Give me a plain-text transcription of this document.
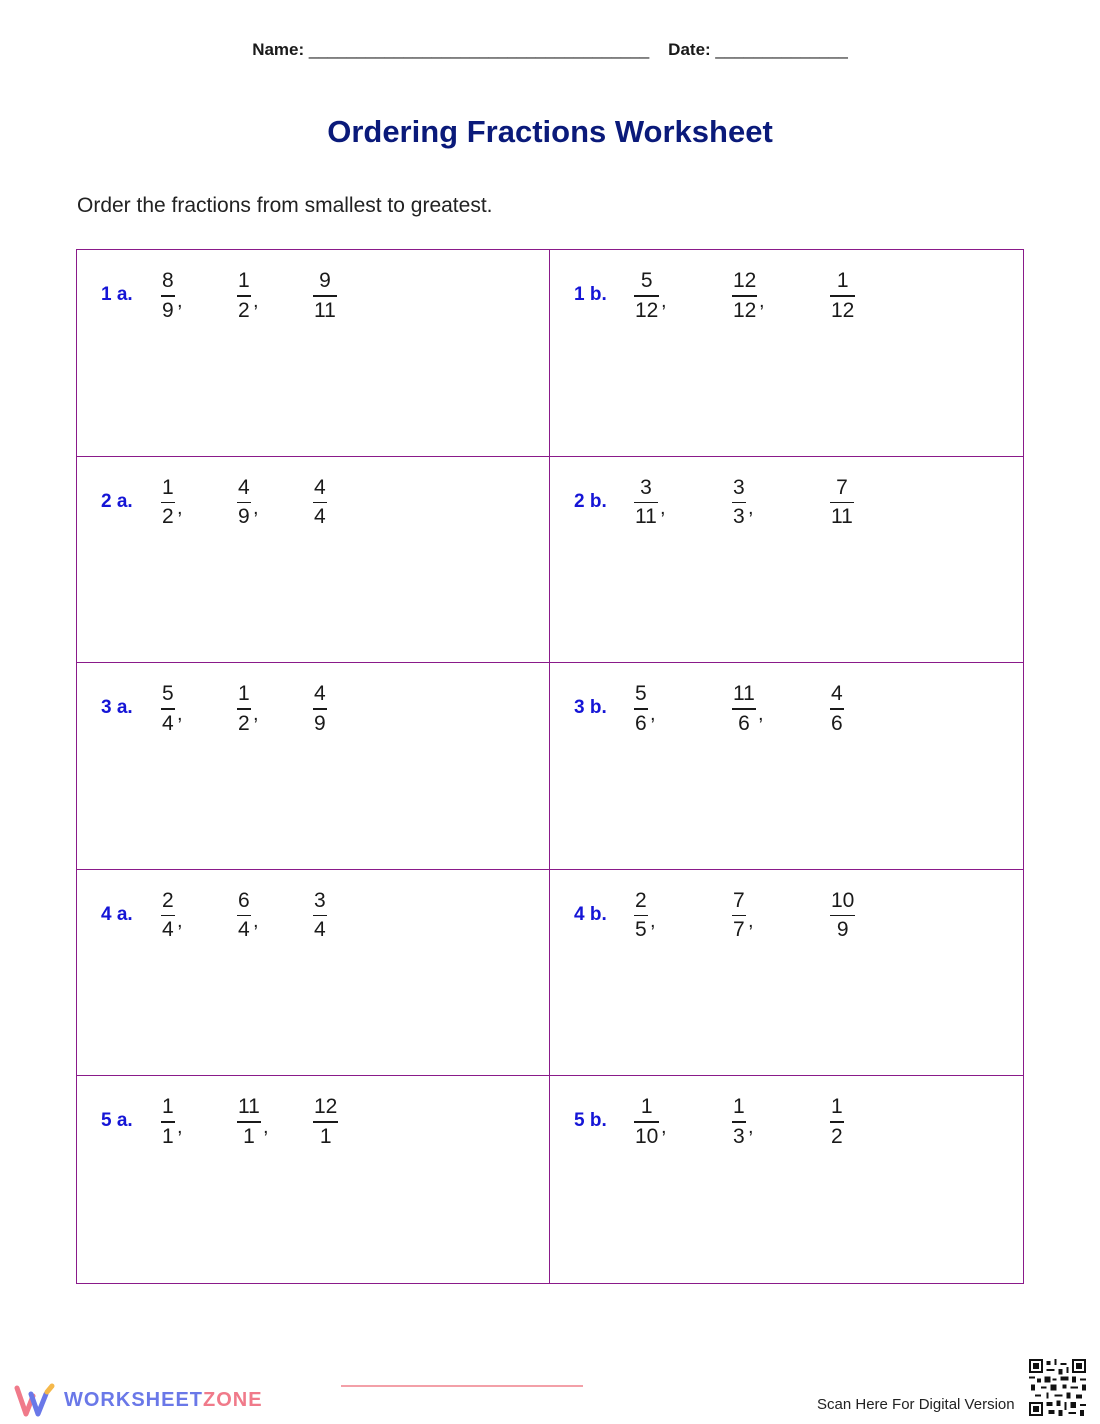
Name: ____________________________________ Date: ______________
Ordering Fractions Worksheet

Order the fractions from smallest to greatest.

1 a.
8
9 ,
1
2 ,
9
11
1 b.
5
12 ,
12
12 ,
1
12
2 a.
1
2 ,
4
9 ,
4
4
2 b.
3
11 ,
3
3 ,
7
11
3 a.
5
4 ,
1
2 ,
4
9
3 b.
5
6 ,
11
6 ,
4
6
4 a.
2
4 ,
6
4 ,
3
4
4 b.
2
5 ,
7
7 ,
10
9
5 a.
1
1 ,
11
1 ,
12
1
5 b.
1
10 ,
1
3 ,
1
2
WORKSHEETZONE	Scan Here For Digital Version
